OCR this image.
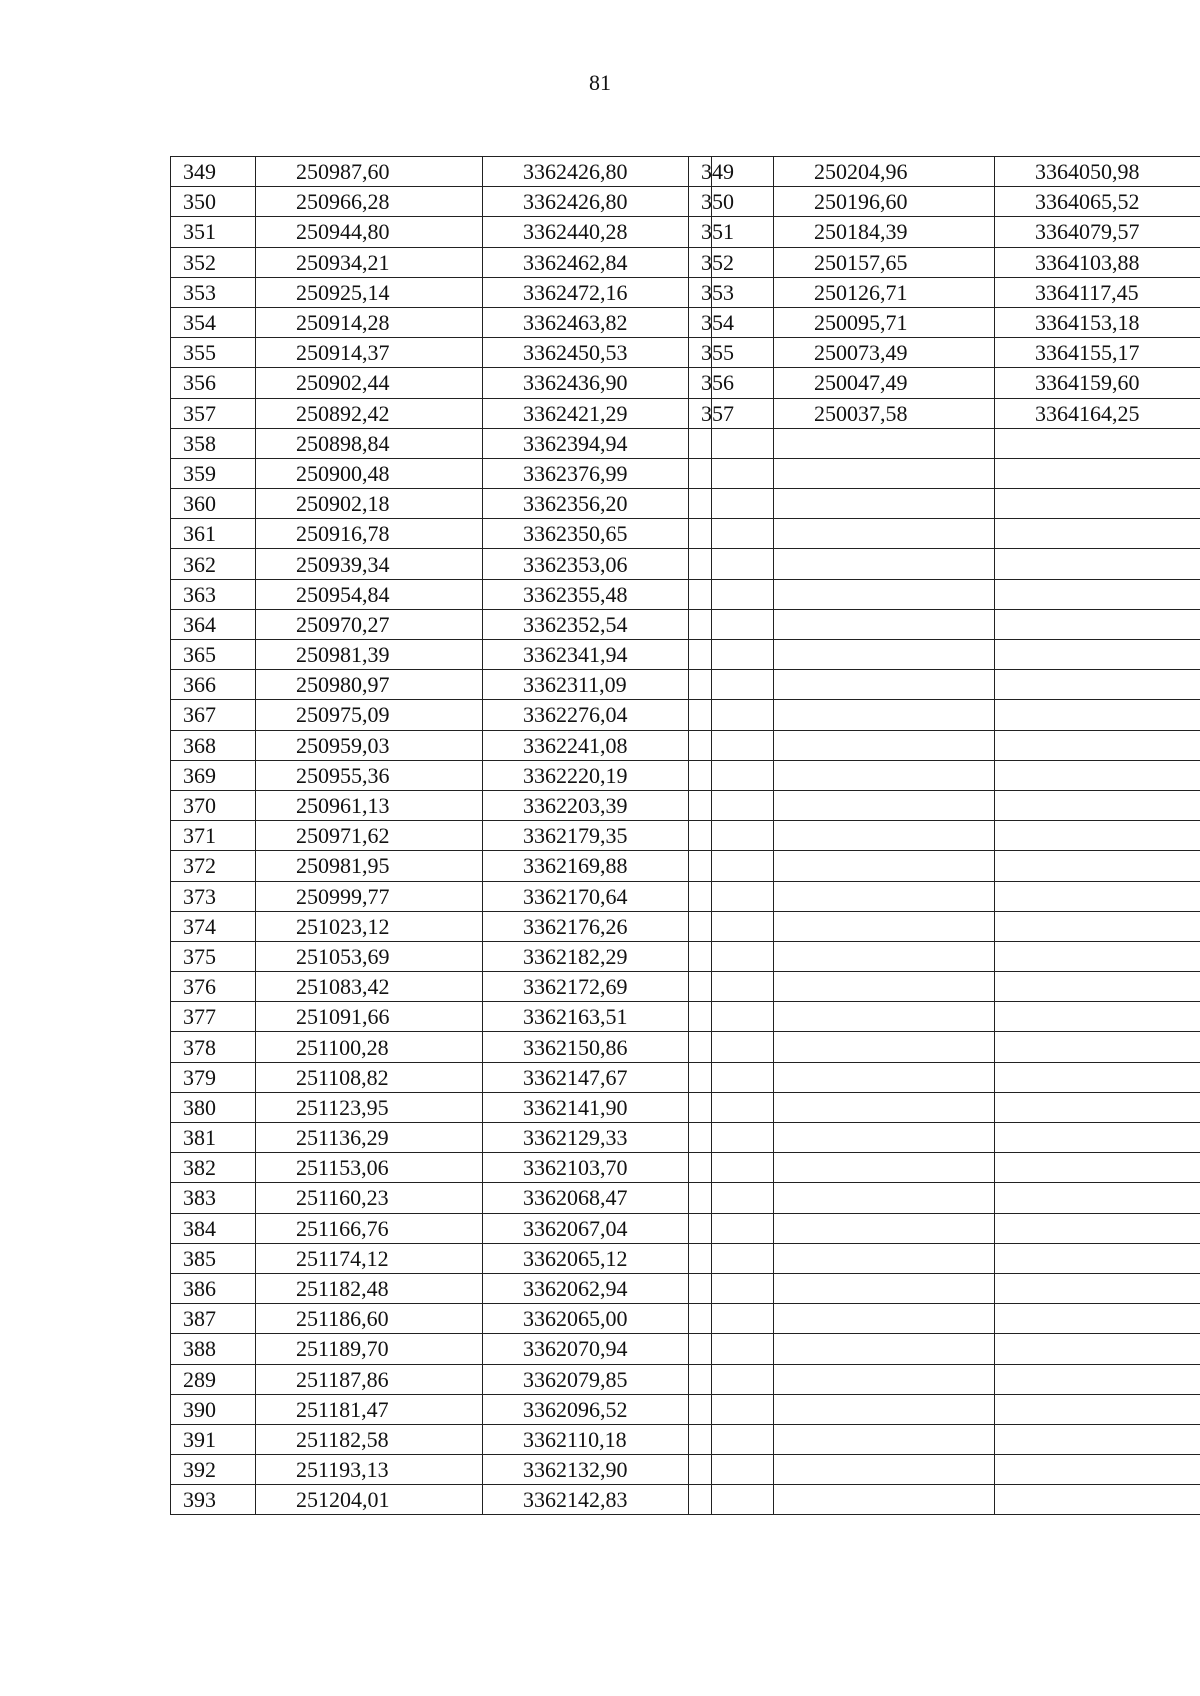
81
349	250987,60	3362426,80
350	250966,28	3362426,80
351	250944,80	3362440,28
352	250934,21	3362462,84
353	250925,14	3362472,16
354	250914,28	3362463,82
355	250914,37	3362450,53
356	250902,44	3362436,90
357	250892,42	3362421,29
358	250898,84	3362394,94
359	250900,48	3362376,99
360	250902,18	3362356,20
361	250916,78	3362350,65
362	250939,34	3362353,06
363	250954,84	3362355,48
364	250970,27	3362352,54
365	250981,39	3362341,94
366	250980,97	3362311,09
367	250975,09	3362276,04
368	250959,03	3362241,08
369	250955,36	3362220,19
370	250961,13	3362203,39
371	250971,62	3362179,35
372	250981,95	3362169,88
373	250999,77	3362170,64
374	251023,12	3362176,26
375	251053,69	3362182,29
376	251083,42	3362172,69
377	251091,66	3362163,51
378	251100,28	3362150,86
379	251108,82	3362147,67
380	251123,95	3362141,90
381	251136,29	3362129,33
382	251153,06	3362103,70
383	251160,23	3362068,47
384	251166,76	3362067,04
385	251174,12	3362065,12
386	251182,48	3362062,94
387	251186,60	3362065,00
388	251189,70	3362070,94
289	251187,86	3362079,85
390	251181,47	3362096,52
391	251182,58	3362110,18
392	251193,13	3362132,90
393	251204,01	3362142,83
349	250204,96	3364050,98
350	250196,60	3364065,52
351	250184,39	3364079,57
352	250157,65	3364103,88
353	250126,71	3364117,45
354	250095,71	3364153,18
355	250073,49	3364155,17
356	250047,49	3364159,60
357	250037,58	3364164,25
